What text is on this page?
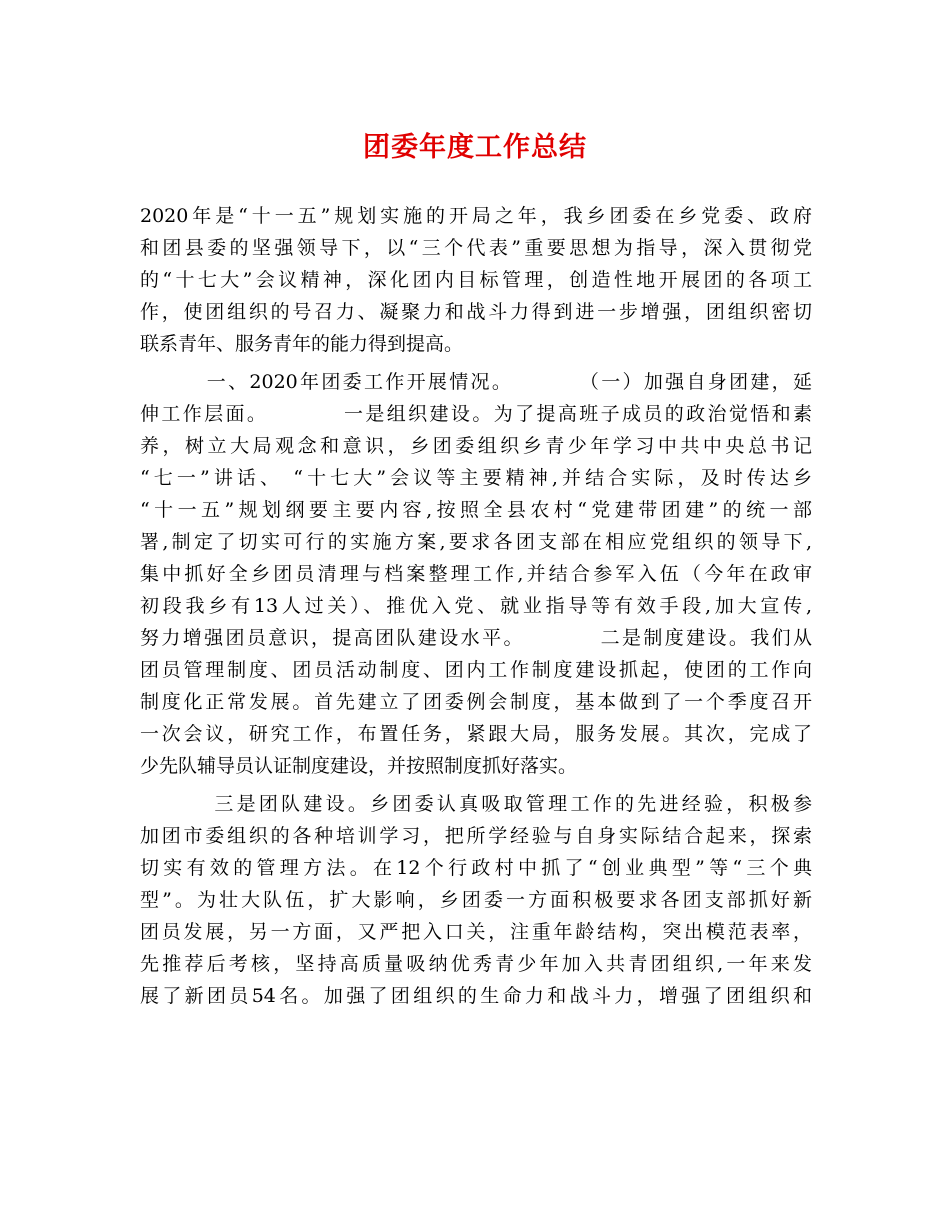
团委年度工作总结
2020年是“十一五”规划实施的开局之年，我乡团委在乡党委、政府
和团县委的坚强领导下，以“三个代表”重要思想为指导，深入贯彻党
的“十七大”会议精神，深化团内目标管理，创造性地开展团的各项工
作，使团组织的号召力、凝聚力和战斗力得到进一步增强，团组织密切
联系青年、服务青年的能力得到提高。
一、2020年团委工作开展情况。        （一）加强自身团建，延
伸工作层面。         一是组织建设。为了提高班子成员的政治觉悟和素
养，树立大局观念和意识，乡团委组织乡青少年学习中共中央总书记
“七一”讲话、 “十七大”会议等主要精神,并结合实际，及时传达乡
“十一五”规划纲要主要内容,按照全县农村“党建带团建”的统一部
署,制定了切实可行的实施方案,要求各团支部在相应党组织的领导下,
集中抓好全乡团员清理与档案整理工作,并结合参军入伍（今年在政审
初段我乡有13人过关）、推优入党、就业指导等有效手段,加大宣传,
努力增强团员意识，提高团队建设水平。         二是制度建设。我们从
团员管理制度、团员活动制度、团内工作制度建设抓起，使团的工作向
制度化正常发展。首先建立了团委例会制度，基本做到了一个季度召开
一次会议，研究工作，布置任务，紧跟大局，服务发展。其次，完成了
少先队辅导员认证制度建设，并按照制度抓好落实。
三是团队建设。乡团委认真吸取管理工作的先进经验，积极参
加团市委组织的各种培训学习，把所学经验与自身实际结合起来，探索
切实有效的管理方法。在12个行政村中抓了“创业典型”等“三个典
型”。为壮大队伍，扩大影响，乡团委一方面积极要求各团支部抓好新
团员发展，另一方面，又严把入口关，注重年龄结构，突出模范表率，
先推荐后考核，坚持高质量吸纳优秀青少年加入共青团组织,一年来发
展了新团员54名。加强了团组织的生命力和战斗力，增强了团组织和
